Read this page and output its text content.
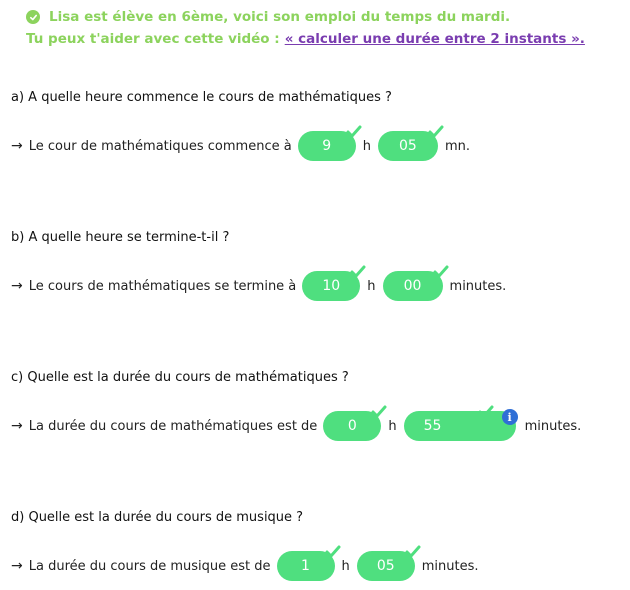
Lisa est élève en 6ème, voici son emploi du temps du mardi.
Tu peux t'aider avec cette vidéo : « calculer une durée entre 2 instants ».
a) A quelle heure commence le cours de mathématiques ?
→ Le cour de mathématiques commence à 9 h 05 mn.
b) A quelle heure se termine-t-il ?
→ Le cours de mathématiques se termine à 10 h 00 minutes.
c) Quelle est la durée du cours de mathématiques ?
→ La durée du cours de mathématiques est de 0 h 55
i
minutes.
d) Quelle est la durée du cours de musique ?
→ La durée du cours de musique est de 1 h 05 minutes.
